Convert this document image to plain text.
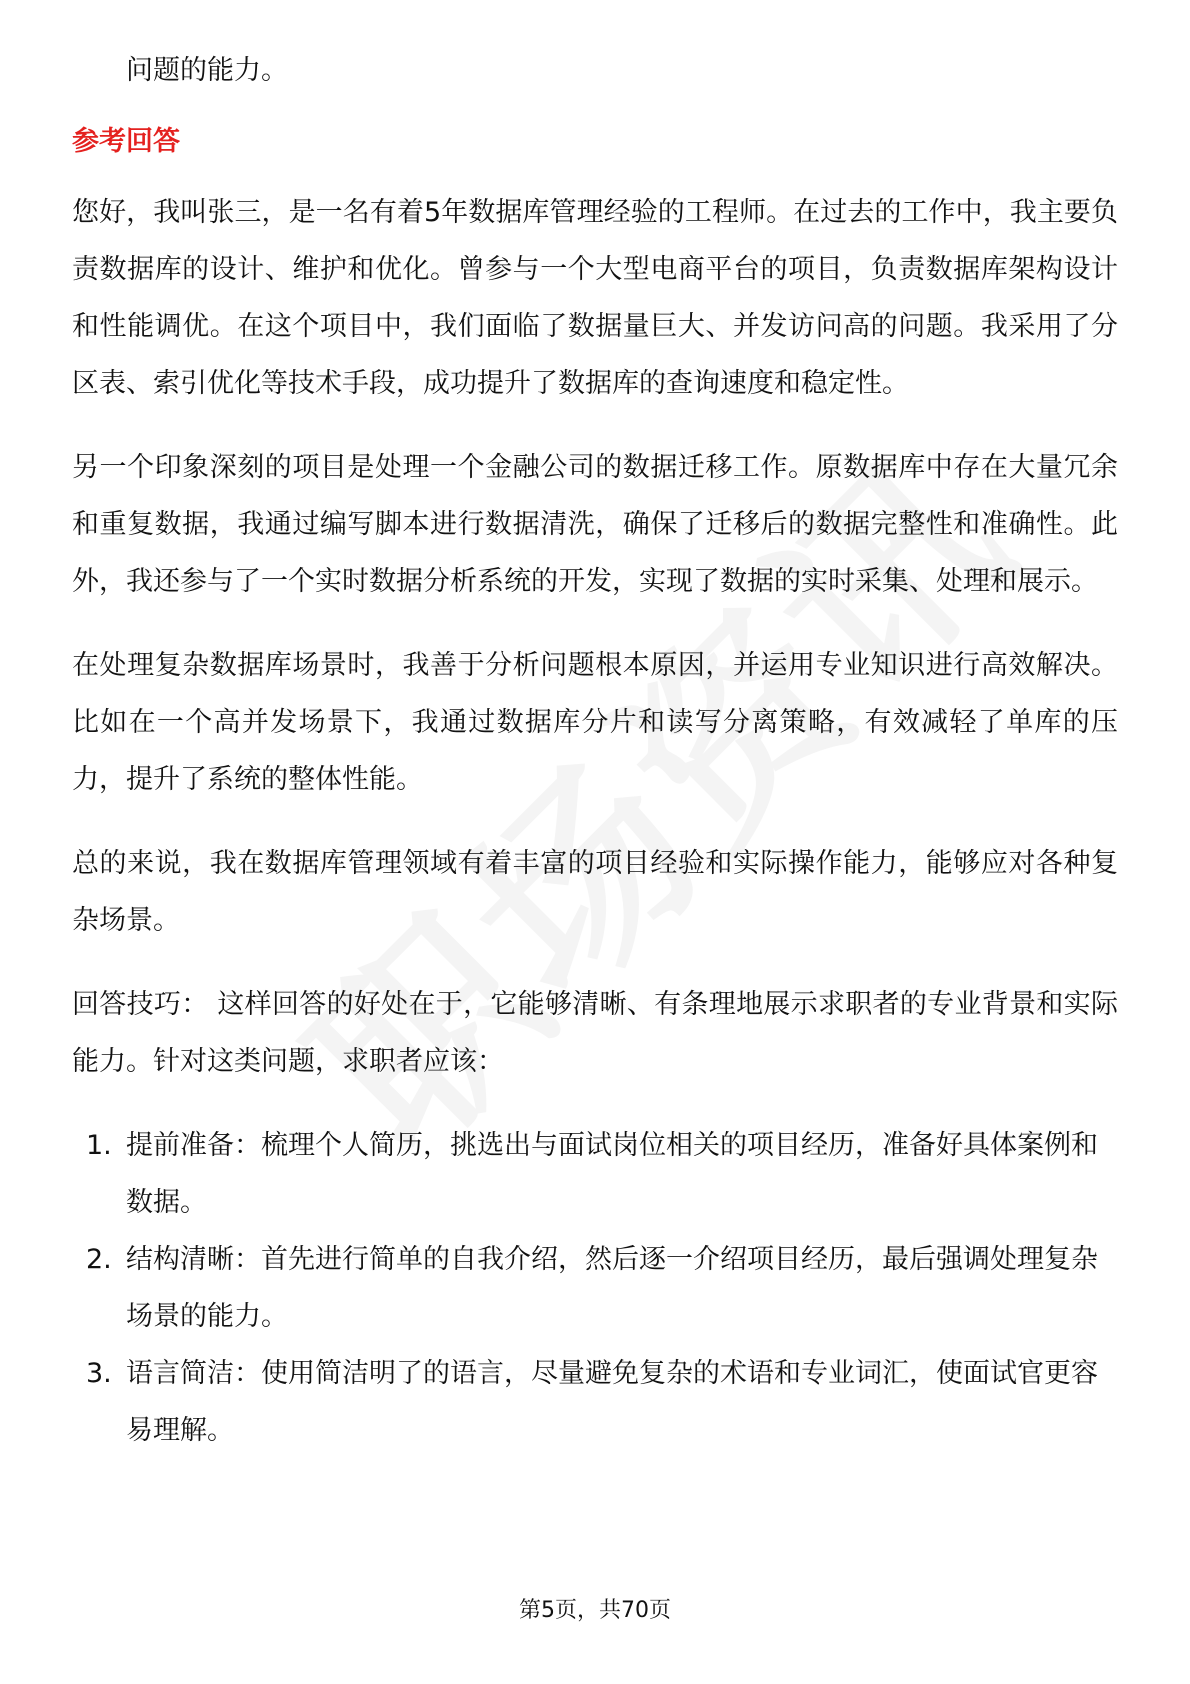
问题的能力。

参考回答

您好，我叫张三，是一名有着5年数据库管理经验的工程师。在过去的工作中，我主要负责数据库的设计、维护和优化。曾参与一个大型电商平台的项目，负责数据库架构设计和性能调优。在这个项目中，我们面临了数据量巨大、并发访问高的问题。我采用了分区表、索引优化等技术手段，成功提升了数据库的查询速度和稳定性。

另一个印象深刻的项目是处理一个金融公司的数据迁移工作。原数据库中存在大量冗余和重复数据，我通过编写脚本进行数据清洗，确保了迁移后的数据完整性和准确性。此外，我还参与了一个实时数据分析系统的开发，实现了数据的实时采集、处理和展示。

在处理复杂数据库场景时，我善于分析问题根本原因，并运用专业知识进行高效解决。比如在一个高并发场景下，我通过数据库分片和读写分离策略，有效减轻了单库的压力，提升了系统的整体性能。

总的来说，我在数据库管理领域有着丰富的项目经验和实际操作能力，能够应对各种复杂场景。

回答技巧： 这样回答的好处在于，它能够清晰、有条理地展示求职者的专业背景和实际能力。针对这类问题，求职者应该：

1. 提前准备：梳理个人简历，挑选出与面试岗位相关的项目经历，准备好具体案例和数据。
2. 结构清晰：首先进行简单的自我介绍，然后逐一介绍项目经历，最后强调处理复杂场景的能力。
3. 语言简洁：使用简洁明了的语言，尽量避免复杂的术语和专业词汇，使面试官更容易理解。
第5页，共70页
